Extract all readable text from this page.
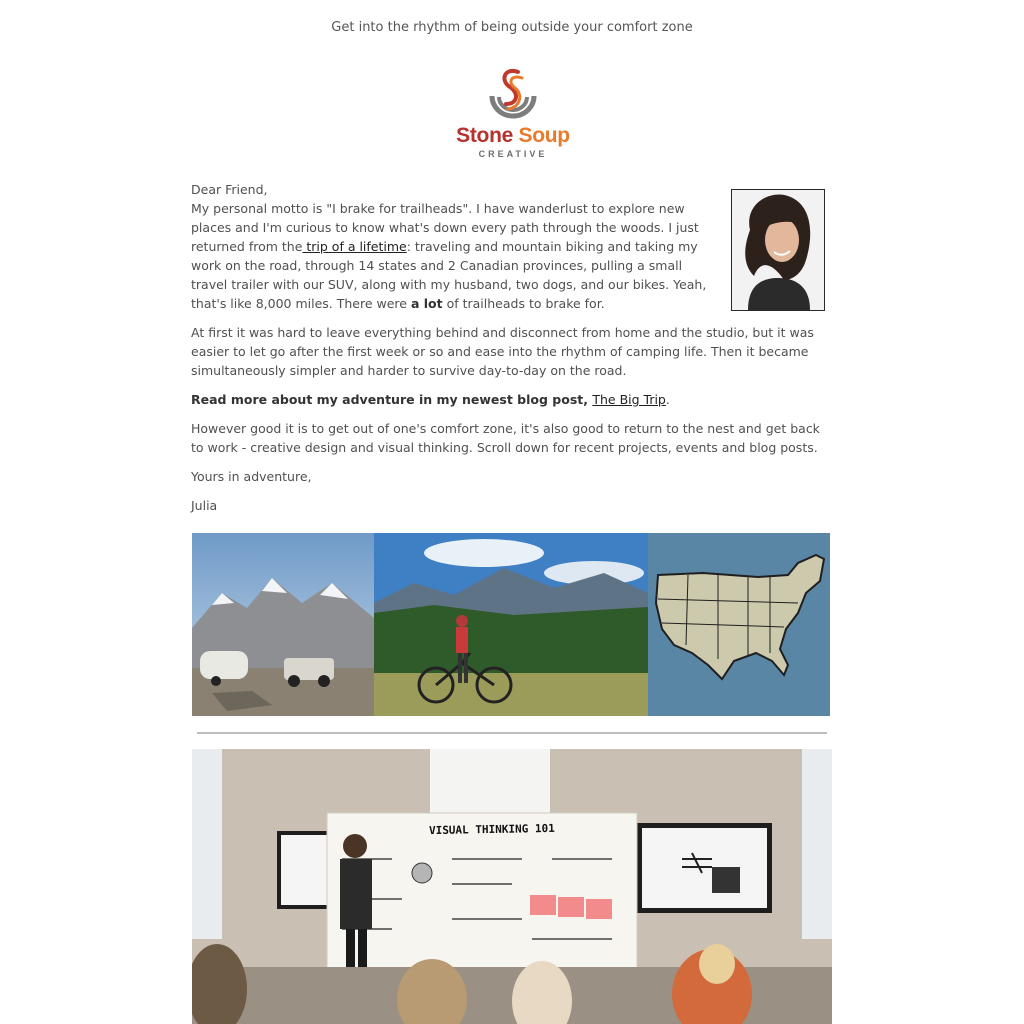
Get into the rhythm of being outside your comfort zone
Stone Soup
CREATIVE

Dear Friend,
My personal motto is "I brake for trailheads". I have wanderlust to explore new places and I'm curious to know what's down every path through the woods. I just returned from the trip of a lifetime: traveling and mountain biking and taking my work on the road, through 14 states and 2 Canadian provinces, pulling a small travel trailer with our SUV, along with my husband, two dogs, and our bikes. Yeah, that's like 8,000 miles. There were a lot of trailheads to brake for.

At first it was hard to leave everything behind and disconnect from home and the studio, but it was easier to let go after the first week or so and ease into the rhythm of camping life. Then it became simultaneously simpler and harder to survive day-to-day on the road.

Read more about my adventure in my newest blog post, The Big Trip.

However good it is to get out of one's comfort zone, it's also good to return to the nest and get back to work - creative design and visual thinking. Scroll down for recent projects, events and blog posts.

Yours in adventure,

Julia

VISUAL THINKING 101
